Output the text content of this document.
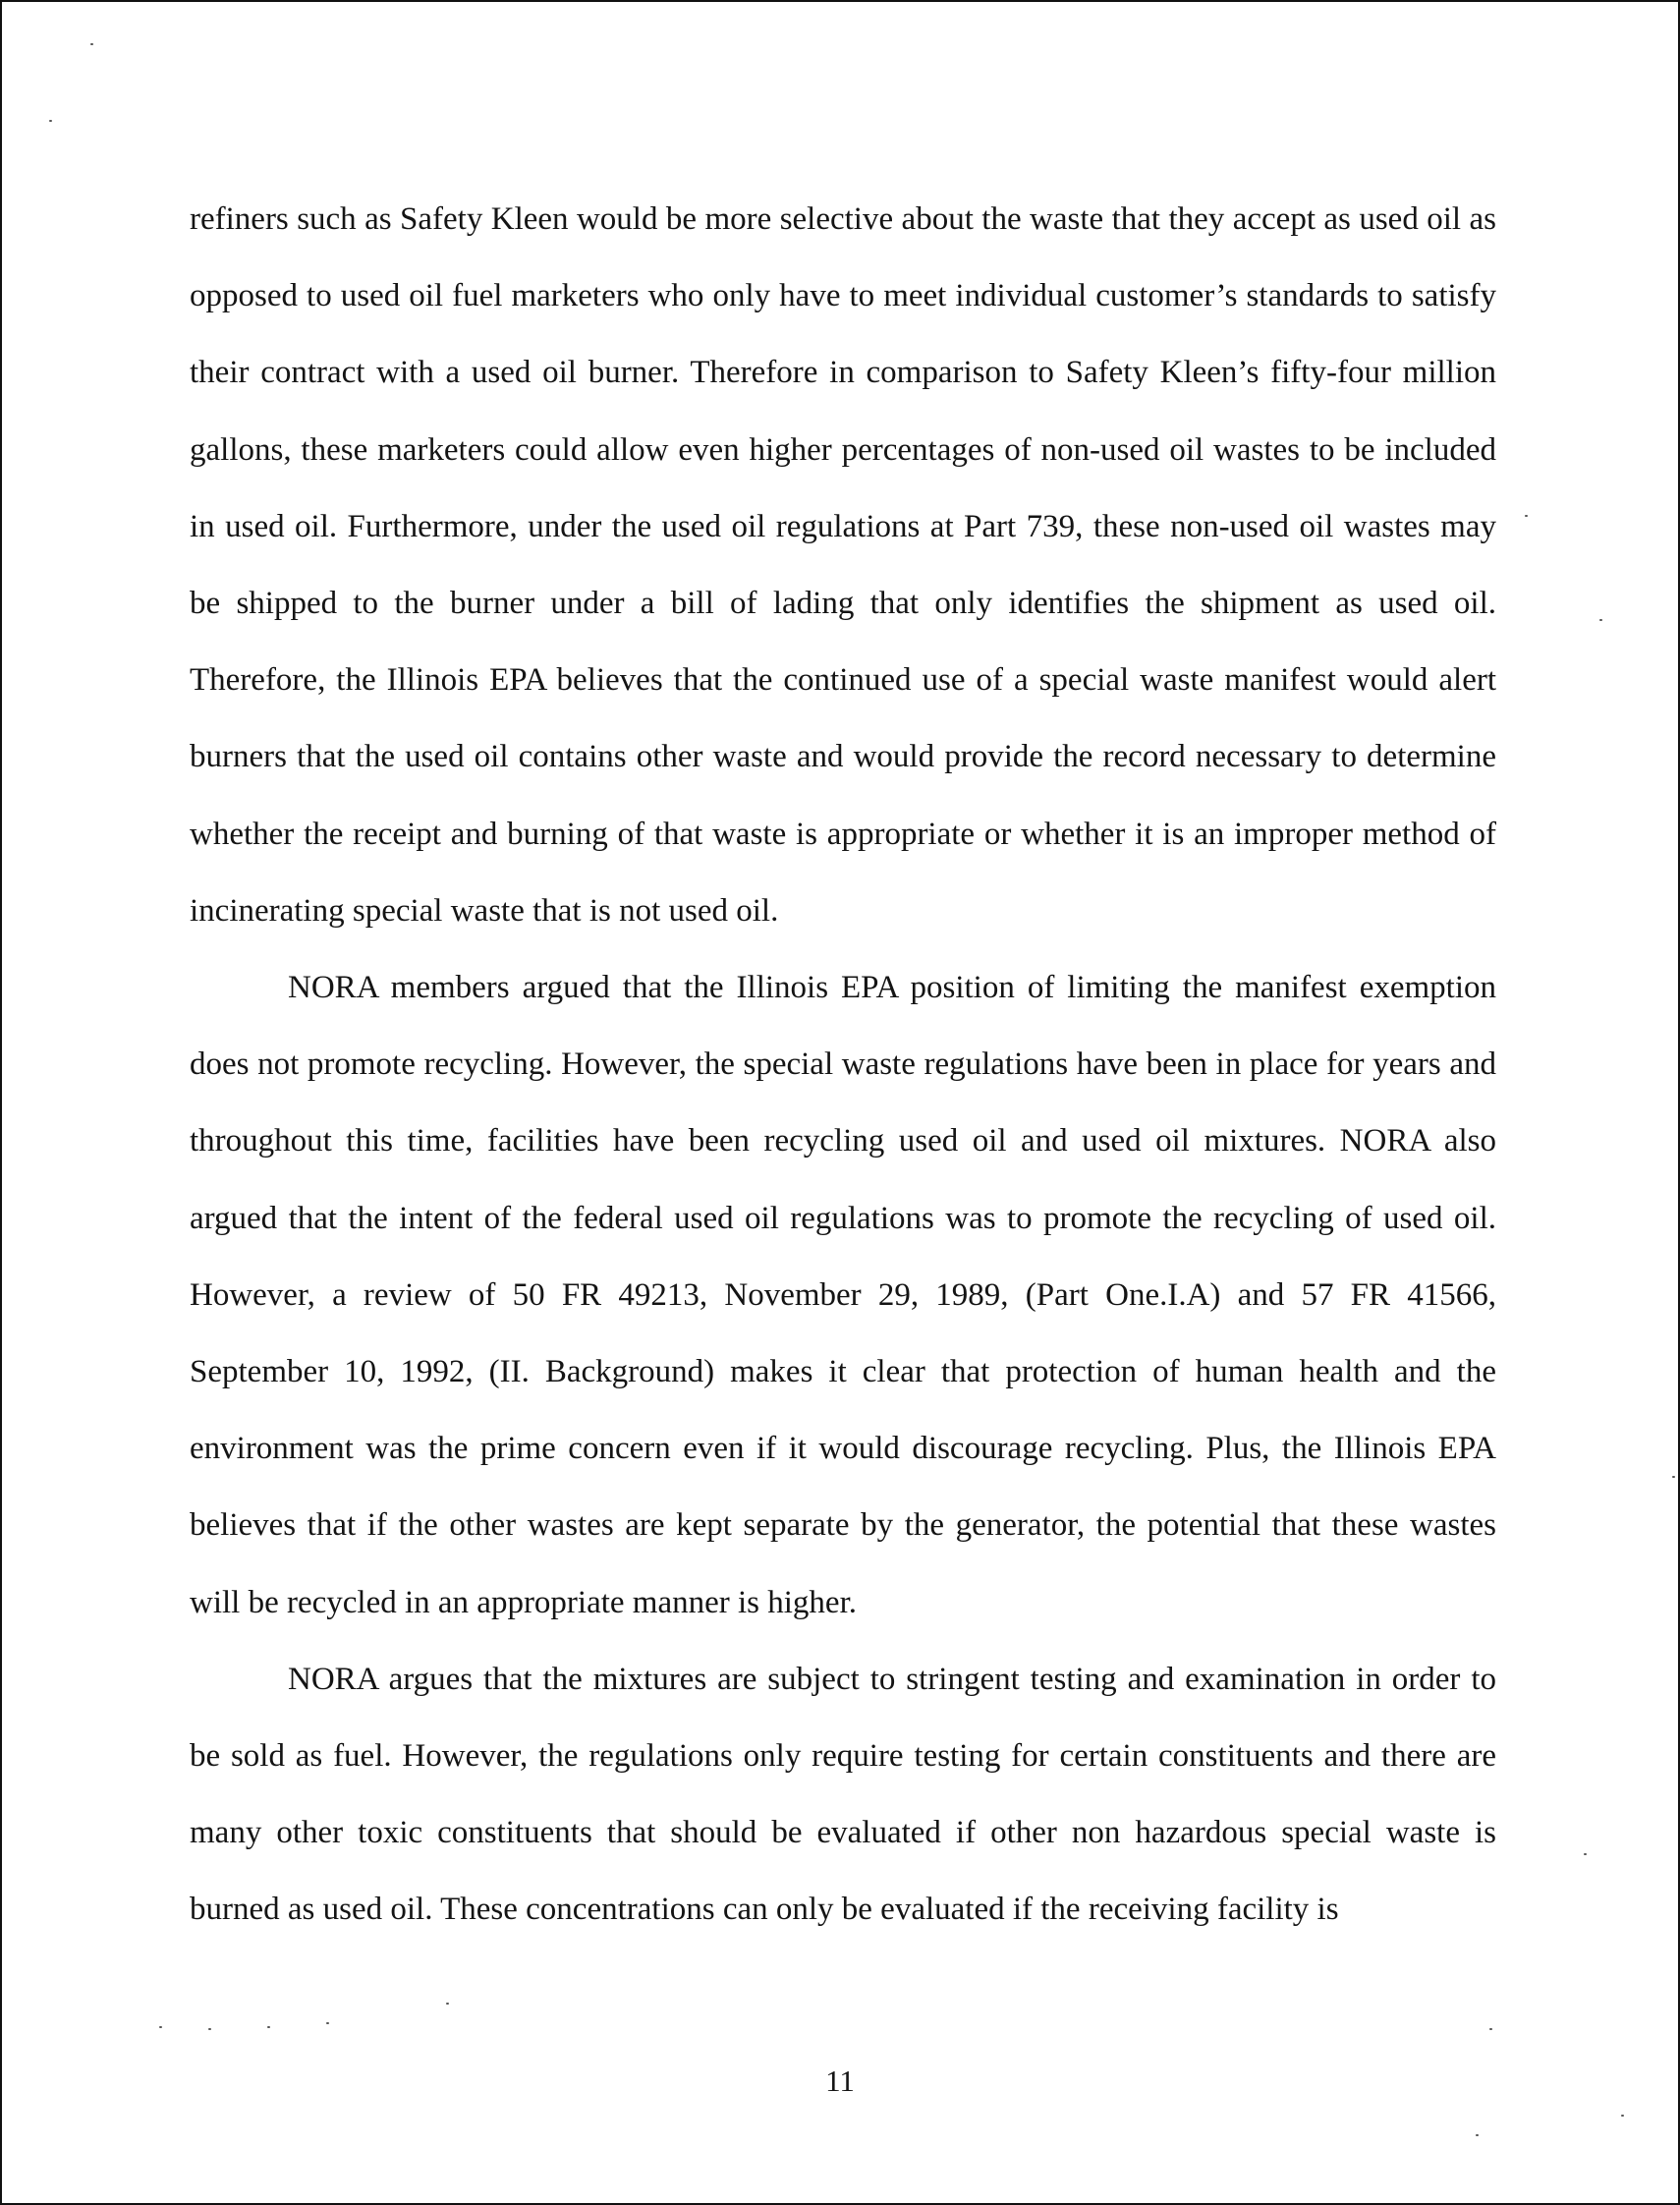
refiners such as Safety Kleen would be more selective about the waste that they accept as used oil as opposed to used oil fuel marketers who only have to meet individual customer’s standards to satisfy their contract with a used oil burner. Therefore in comparison to Safety Kleen’s fifty-four million gallons, these marketers could allow even higher percentages of non-used oil wastes to be included in used oil. Furthermore, under the used oil regulations at Part 739, these non-used oil wastes may be shipped to the burner under a bill of lading that only identifies the shipment as used oil. Therefore, the Illinois EPA believes that the continued use of a special waste manifest would alert burners that the used oil contains other waste and would provide the record necessary to determine whether the receipt and burning of that waste is appropriate or whether it is an improper method of incinerating special waste that is not used oil.

NORA members argued that the Illinois EPA position of limiting the manifest exemption does not promote recycling. However, the special waste regulations have been in place for years and throughout this time, facilities have been recycling used oil and used oil mixtures. NORA also argued that the intent of the federal used oil regulations was to promote the recycling of used oil. However, a review of 50 FR 49213, November 29, 1989, (Part One.I.A) and 57 FR 41566, September 10, 1992, (II. Background) makes it clear that protection of human health and the environment was the prime concern even if it would discourage recycling. Plus, the Illinois EPA believes that if the other wastes are kept separate by the generator, the potential that these wastes will be recycled in an appropriate manner is higher.

NORA argues that the mixtures are subject to stringent testing and examination in order to be sold as fuel. However, the regulations only require testing for certain constituents and there are many other toxic constituents that should be evaluated if other non hazardous special waste is burned as used oil. These concentrations can only be evaluated if the receiving facility is

11
